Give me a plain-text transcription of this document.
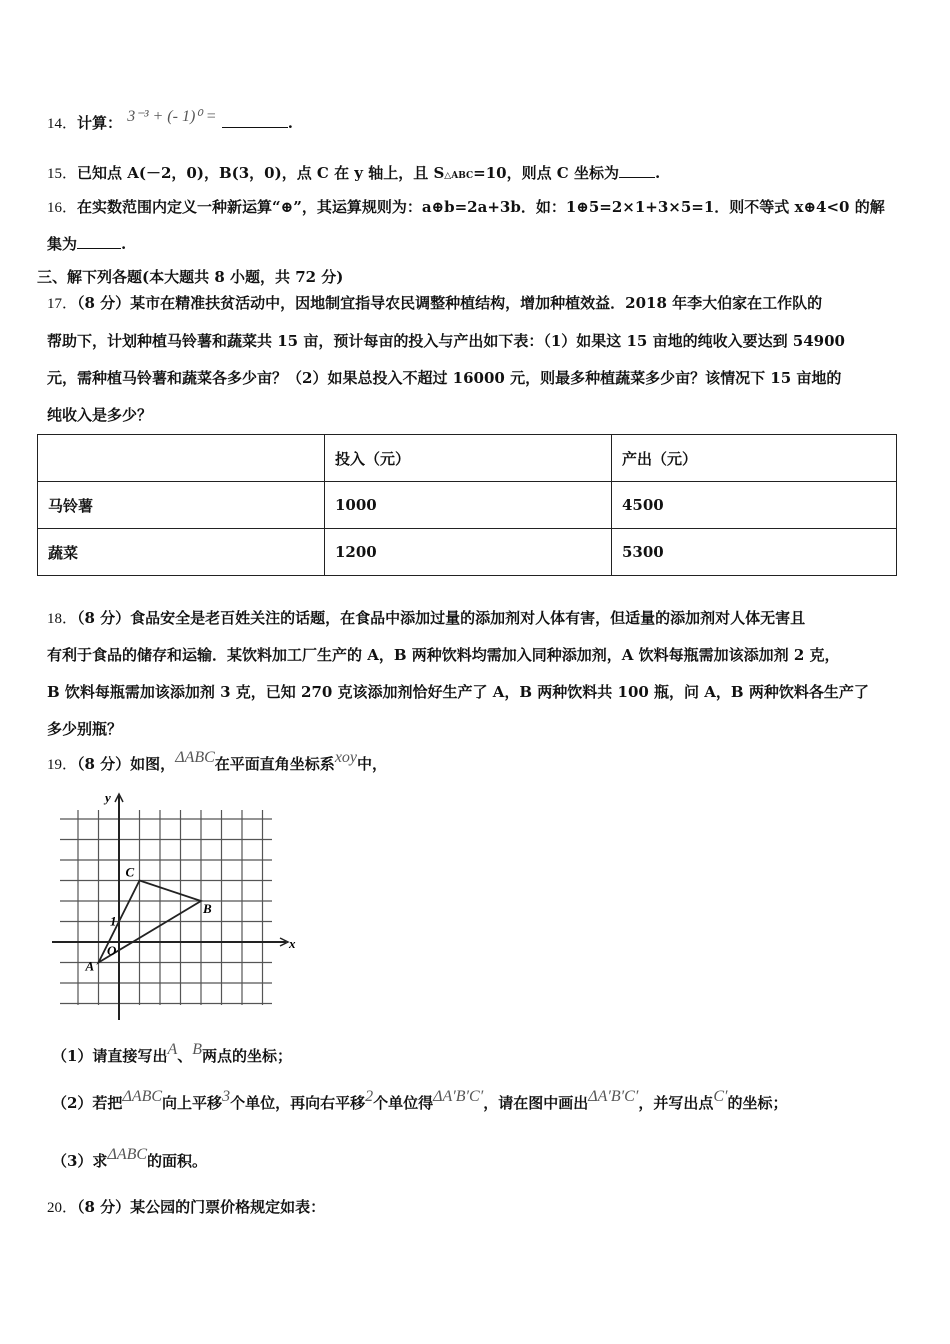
14．计算： 3⁻³ + (- 1)⁰ =	.
15．已知点 A(－2，0)，B(3，0)，点 C 在 y 轴上，且 S△ABC=10，则点 C 坐标为 .
16．在实数范围内定义一种新运算“⊕”，其运算规则为：a⊕b=2a+3b．如：1⊕5=2×1+3×5=1．则不等式 x⊕4<0 的解
集为	.
三、解下列各题(本大题共 8 小题，共 72 分)
17．（8 分）某市在精准扶贫活动中，因地制宜指导农民调整种植结构，增加种植效益．2018 年李大伯家在工作队的
帮助下，计划种植马铃薯和蔬菜共 15 亩，预计每亩的投入与产出如下表：（1）如果这 15 亩地的纯收入要达到 54900
元，需种植马铃薯和蔬菜各多少亩？（2）如果总投入不超过 16000 元，则最多种植蔬菜多少亩？该情况下 15 亩地的
纯收入是多少？
	投入（元）	产出（元）
马铃薯	1000	4500
蔬菜	1200	5300
18．（8 分）食品安全是老百姓关注的话题，在食品中添加过量的添加剂对人体有害，但适量的添加剂对人体无害且
有利于食品的储存和运输．某饮料加工厂生产的 A，B 两种饮料均需加入同种添加剂，A 饮料每瓶需加该添加剂 2 克，
B 饮料每瓶需加该添加剂 3 克，已知 270 克该添加剂恰好生产了 A，B 两种饮料共 100 瓶，问 A，B 两种饮料各生产了
多少别瓶？
19．（8 分）如图，ΔABC在平面直角坐标系xoy中，
x
y
O
1
A
B
C
（1）请直接写出A、B两点的坐标；
（2）若把ΔABC向上平移3个单位，再向右平移2个单位得ΔA′B′C′，请在图中画出ΔA′B′C′，并写出点C′的坐标；
（3）求ΔABC的面积。
20．（8 分）某公园的门票价格规定如表：
